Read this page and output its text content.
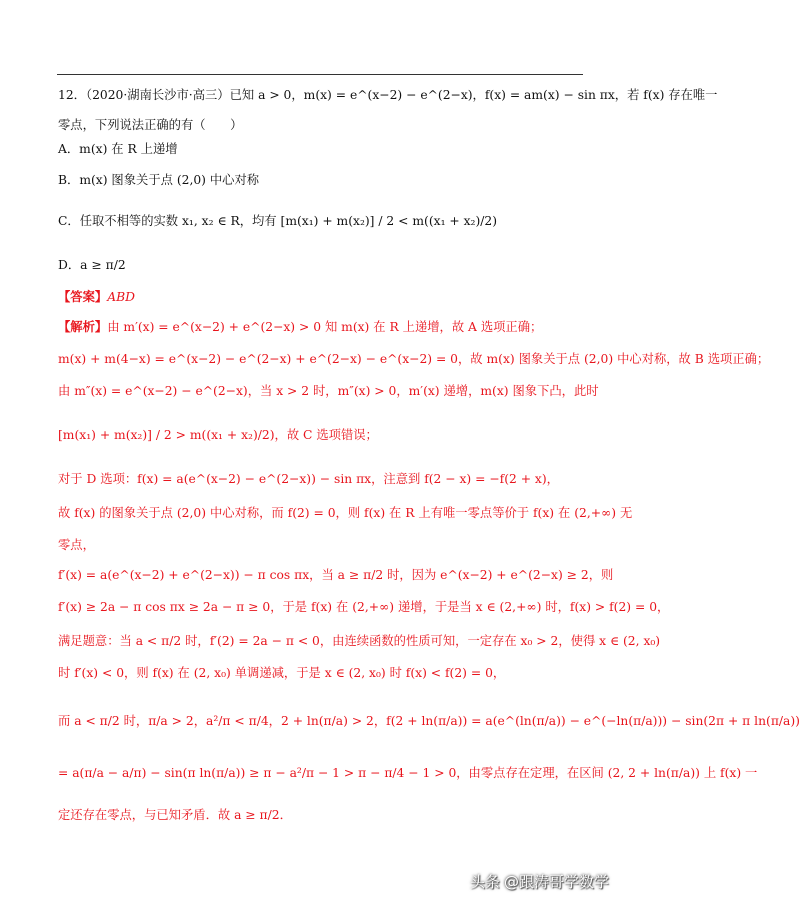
12．（2020·湖南长沙市·高三）已知 a > 0，m(x) = e^(x−2) − e^(2−x)，f(x) = am(x) − sin πx，若 f(x) 存在唯一
零点，下列说法正确的有（　　）
A．m(x) 在 R 上递增
B．m(x) 图象关于点 (2,0) 中心对称
C．任取不相等的实数 x₁, x₂ ∈ R，均有 [m(x₁) + m(x₂)] / 2 < m((x₁ + x₂)/2)
D．a ≥ π/2
【答案】ABD
【解析】由 m′(x) = e^(x−2) + e^(2−x) > 0 知 m(x) 在 R 上递增，故 A 选项正确；
m(x) + m(4−x) = e^(x−2) − e^(2−x) + e^(2−x) − e^(x−2) = 0，故 m(x) 图象关于点 (2,0) 中心对称，故 B 选项正确；
由 m″(x) = e^(x−2) − e^(2−x)，当 x > 2 时，m″(x) > 0，m′(x) 递增，m(x) 图象下凸，此时
[m(x₁) + m(x₂)] / 2 > m((x₁ + x₂)/2)，故 C 选项错误；
对于 D 选项：f(x) = a(e^(x−2) − e^(2−x)) − sin πx，注意到 f(2 − x) = −f(2 + x)，
故 f(x) 的图象关于点 (2,0) 中心对称，而 f(2) = 0，则 f(x) 在 R 上有唯一零点等价于 f(x) 在 (2,+∞) 无
零点，
f′(x) = a(e^(x−2) + e^(2−x)) − π cos πx，当 a ≥ π/2 时，因为 e^(x−2) + e^(2−x) ≥ 2，则
f′(x) ≥ 2a − π cos πx ≥ 2a − π ≥ 0，于是 f(x) 在 (2,+∞) 递增，于是当 x ∈ (2,+∞) 时，f(x) > f(2) = 0，
满足题意：当 a < π/2 时，f′(2) = 2a − π < 0，由连续函数的性质可知，一定存在 x₀ > 2，使得 x ∈ (2, x₀)
时 f′(x) < 0，则 f(x) 在 (2, x₀) 单调递减，于是 x ∈ (2, x₀) 时 f(x) < f(2) = 0，
而 a < π/2 时，π/a > 2，a²/π < π/4，2 + ln(π/a) > 2，f(2 + ln(π/a)) = a(e^(ln(π/a)) − e^(−ln(π/a))) − sin(2π + π ln(π/a))
= a(π/a − a/π) − sin(π ln(π/a)) ≥ π − a²/π − 1 > π − π/4 − 1 > 0，由零点存在定理，在区间 (2, 2 + ln(π/a)) 上 f(x) 一
定还存在零点，与已知矛盾．故 a ≥ π/2．
头条 @跟涛哥学数学
